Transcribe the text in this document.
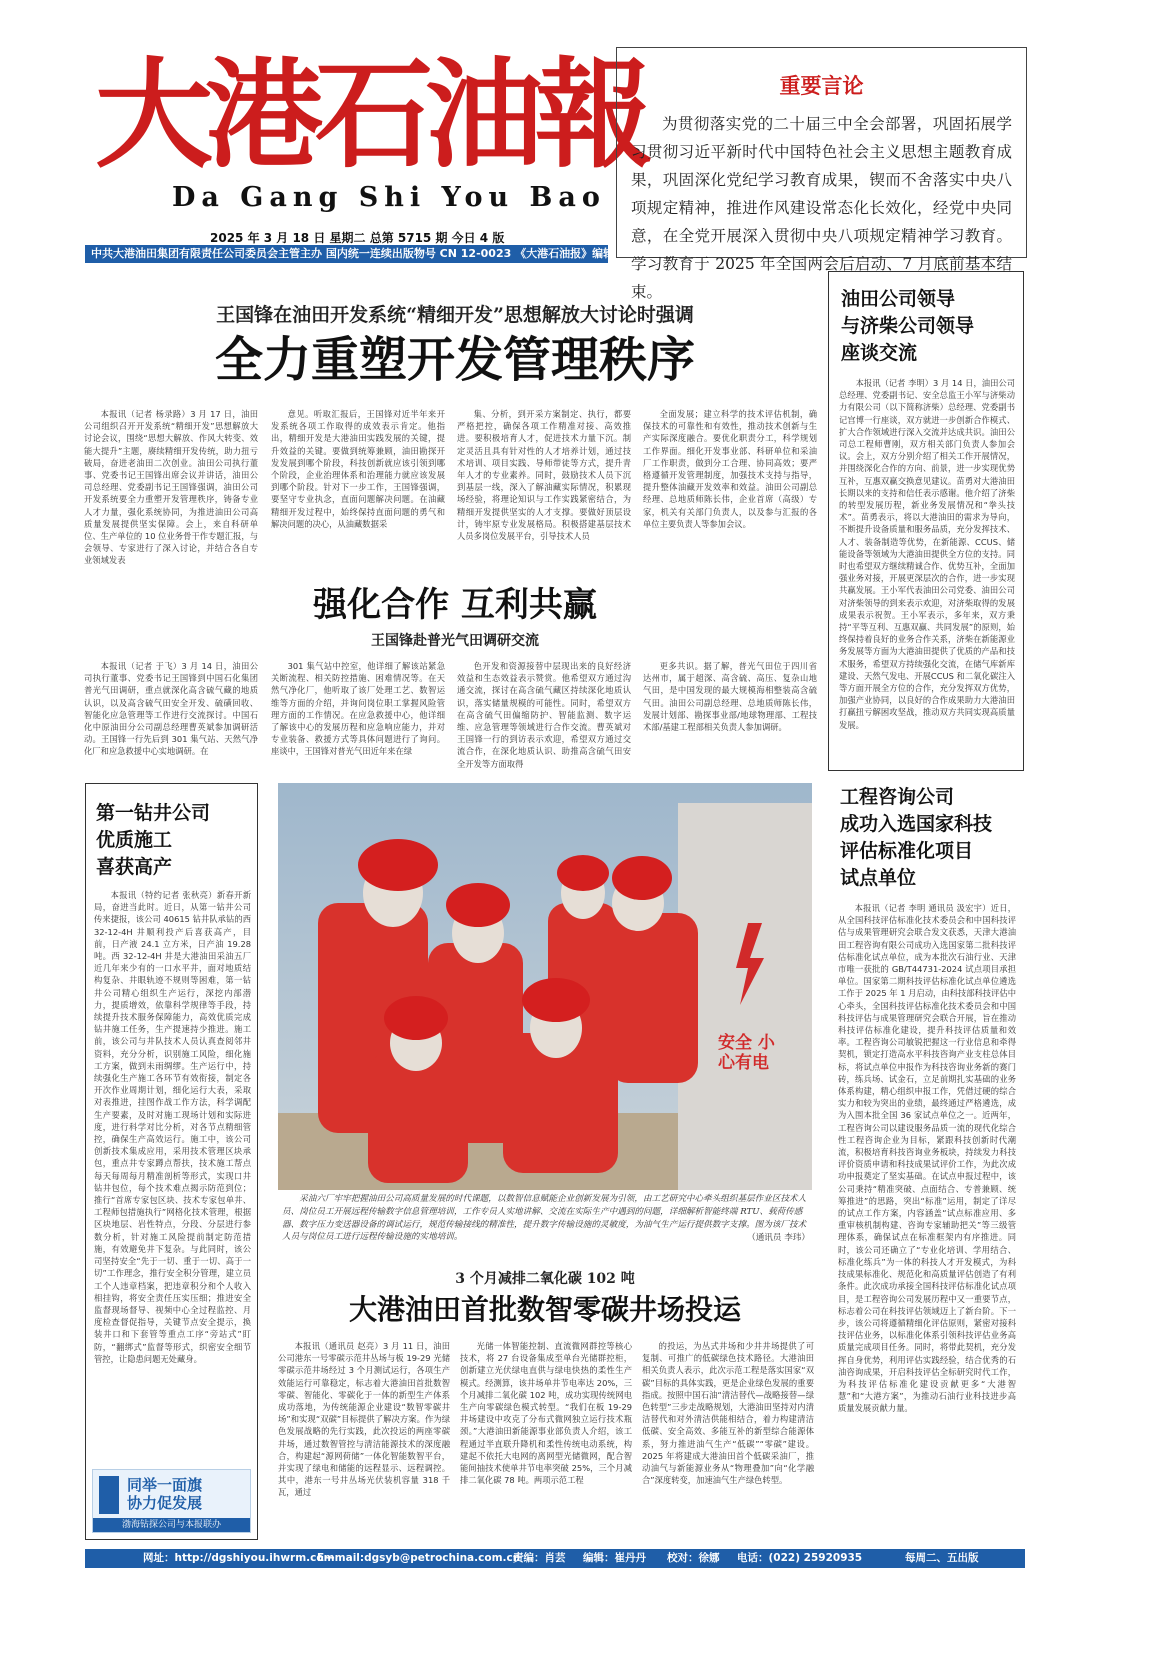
大港石油報
Da Gang Shi You Bao
2025 年 3 月 18 日 星期二 总第 5715 期 今日 4 版
中共大港油田集团有限责任公司委员会主管主办 国内统一连续出版物号 CN 12-0023 《大港石油报》编辑部出版
重要言论

为贯彻落实党的二十届三中全会部署，巩固拓展学习贯彻习近平新时代中国特色社会主义思想主题教育成果，巩固深化党纪学习教育成果，锲而不舍落实中央八项规定精神，推进作风建设常态化长效化，经党中央同意，在全党开展深入贯彻中央八项规定精神学习教育。学习教育于 2025 年全国两会后启动、7 月底前基本结束。

王国锋在油田开发系统“精细开发”思想解放大讨论时强调
全力重塑开发管理秩序

本报讯（记者 杨录路）3 月 17 日，油田公司组织召开开发系统“精细开发”思想解放大讨论会议，围绕“思想大解放、作风大转变、效能大提升”主题，赓续精细开发传统，助力扭亏破局，奋进老油田二次创业。油田公司执行董事、党委书记王国锋出席会议并讲话，油田公司总经理、党委副书记王国锋强调，油田公司开发系统要全力重塑开发管理秩序，铸备专业人才力量，强化系统协同，为推进油田公司高质量发展提供坚实保障。会上，来自科研单位、生产单位的 10 位业务骨干作专题汇报，与会领导、专家进行了深入讨论，并结合各自专业领域发表

意见。听取汇报后，王国锋对近半年来开发系统各项工作取得的成效表示肯定。他指出，精细开发是大港油田实践发展的关键，提升效益的关键。要做到统筹兼顾，油田勘探开发发展到哪个阶段，科技创新就应该引领到哪个阶段，企业治理体系和治理能力就应该发展到哪个阶段。针对下一步工作，王国锋强调，要坚守专业执念，直面问题解决问题。在油藏精细开发过程中，始终保持直面问题的勇气和解决问题的决心，从油藏数据采

集、分析，到开采方案制定、执行，都要严格把控，确保各项工作精准对接、高效推进。要积极培育人才，促进技术力量下沉。制定灵活且具有针对性的人才培养计划，通过技术培训、项目实践、导师带徒等方式，提升青年人才的专业素养。同时，鼓励技术人员下沉到基层一线，深入了解油藏实际情况，积累现场经验，将理论知识与工作实践紧密结合，为精细开发提供坚实的人才支撑。要做好顶层设计，铸牢原专业发展格局。积极搭建基层技术人员多岗位发展平台，引导技术人员

全面发展；建立科学的技术评估机制，确保技术的可靠性和有效性，推动技术创新与生产实际深度融合。要优化职责分工，科学规划工作界面。细化开发事业部、科研单位和采油厂工作职责，做到分工合理、协同高效；要严格遵循开发管理制度，加强技术支持与指导，提升整体油藏开发效率和效益。油田公司副总经理、总地质师陈长伟，企业首席（高级）专家，机关有关部门负责人，以及参与汇报的各单位主要负责人等参加会议。

强化合作 互利共赢
王国锋赴普光气田调研交流

本报讯（记者 于飞）3 月 14 日，油田公司执行董事、党委书记王国锋到中国石化集团普光气田调研，重点就深化高含硫气藏的地质认识，以及高含硫气田安全开发、硫磺回收、智能化应急管理等工作进行交流探讨。中国石化中原油田分公司副总经理曹英斌参加调研活动。王国锋一行先后到 301 集气站、天然气净化厂和应急救援中心实地调研。在

301 集气站中控室，他详细了解该站紧急关断流程、相关防控措施、困难情况等。在天然气净化厂，他听取了该厂处理工艺、数智运维等方面的介绍，并询问岗位职工掌握风险管理方面的工作情况。在应急救援中心，他详细了解该中心的发展历程和应急响应能力，并对专业装备、救援方式等具体问题进行了询问。座谈中，王国锋对普光气田近年来在绿

色开发和资源接替中层现出来的良好经济效益和生态效益表示赞赏。他希望双方通过沟通交流，探讨在高含硫气藏区持续深化地质认识，落实储量规模的可能性。同时，希望双方在高含硫气田偏缩防护、智能监测、数字运维、应急管理等领域进行合作交流。曹英斌对王国锋一行的到访表示欢迎，希望双方通过交流合作，在深化地质认识、助推高含硫气田安全开发等方面取得

更多共识。据了解，普光气田位于四川省达州市，属于超深、高含硫、高压、复杂山地气田，是中国发现的最大规模海相整装高含硫气田。油田公司副总经理、总地质师陈长伟，发展计划部、勘探事业部/地球物理部、工程技术部/基建工程部相关负责人参加调研。

油田公司领导
与济柴公司领导
座谈交流

本报讯（记者 李明）3 月 14 日，油田公司总经理、党委副书记、安全总监王小军与济柴动力有限公司（以下简称济柴）总经理、党委副书记宫博一行座谈，双方就进一步创新合作模式、扩大合作领域进行深入交流并达成共识。油田公司总工程师曹刚，双方相关部门负责人参加会议。会上，双方分别介绍了相关工作开展情况，并围绕深化合作的方向、前景，进一步实现优势互补，互惠双赢交换意见建议。苗勇对大港油田长期以来的支持和信任表示感谢。他介绍了济柴的转型发展历程，新业务发展情况和“拳头技术”。苗勇表示，将以大港油田的需求为导向，不断提升设备质量和服务品质，充分发挥技术、人才、装备制造等优势，在新能源、CCUS、储能设备等领域为大港油田提供全方位的支持。同时也希望双方继续精诚合作、优势互补，全面加强业务对接，开展更深层次的合作，进一步实现共赢发展。王小军代表油田公司党委、油田公司对济柴领导的到来表示欢迎，对济柴取得的发展成果表示祝贺。王小军表示，多年来，双方秉持“平等互利、互惠双赢、共同发展”的原则，始终保持着良好的业务合作关系，济柴在新能源业务发展等方面为大港油田提供了优质的产品和技术服务，希望双方持续强化交流，在储气库新库建设、天然气发电、开展CCUS 和二氧化碳注入等方面开展全方位的合作，充分发挥双方优势，加强产业协同，以良好的合作成果助力大港油田打赢扭亏解困攻坚战，推动双方共同实现高质量发展。

工程咨询公司
成功入选国家科技
评估标准化项目
试点单位

本报讯（记者 李明 通讯员 汲宏宇）近日，从全国科技评估标准化技术委员会和中国科技评估与成果管理研究会联合发文获悉，天津大港油田工程咨询有限公司成功入选国家第二批科技评估标准化试点单位，成为本批次石油行业、天津市唯一获批的 GB/T44731-2024 试点项目承担单位。国家第二期科技评估标准化试点单位遴选工作于 2025 年 1 月启动，由科技部科技评估中心牵头，全国科技评估标准化技术委员会和中国科技评估与成果管理研究会联合开展，旨在推动科技评估标准化建设，提升科技评估质量和效率。工程咨询公司敏锐把握这一行业信息和牵得契机，锁定打造高水平科技咨询产业支柱总体目标，将试点单位申报作为科技咨询业务新的赛门砖，练兵场、试金石，立足前期扎实基础的业务体系构建，精心组织申报工作，凭借过硬的综合实力和较为突出的业绩，最终通过严格遴选，成为入围本批全国 36 家试点单位之一。近两年，工程咨询公司以建设服务品质一流的现代化综合性工程咨询企业为目标，紧跟科技创新时代潮流，积极培育科技咨询业务板块，持续发力科技评价资质申请和科技成果试评价工作，为此次成功申报奠定了坚实基础。在试点申报过程中，该公司秉持“精准突破、点面结合、专普兼顾、统筹推进”的思路，突出“标准”运用，制定了详尽的试点工作方案，内容涵盖“试点标准应用、多重审核机制构建、咨询专家辅助把关”等三级管理体系，确保试点在标准框架内有序推进。同时，该公司还确立了“专业化培训、学用结合、标准化练兵”为一体的科技人才开发模式，为科技成果标准化、规范化和高质量评估创造了有利条件。此次成功承接全国科技评估标准化试点项目，是工程咨询公司发展历程中又一重要节点，标志着公司在科技评估领域迈上了新台阶。下一步，该公司将遵循精细化评估原则，紧密对接科技评估业务，以标准化体系引领科技评估业务高质量完成项目任务。同时，将带此契机，充分发挥自身优势，利用评估实践经验，结合优秀的石油咨询成果，开启科技评估全标研究时代工作，为科技评估标准化建设贡献更多“大港智慧”和“大港方案”，为推动石油行业科技进步高质量发展贡献力量。

第一钻井公司
优质施工
喜获高产

本报讯（特约记者 张秋亮）新春开新局，奋进当此时。近日，从第一钻井公司传来捷报，该公司 40615 钻井队承钻的西 32-12-4H 井顺利投产后喜获高产，目前，日产液 24.1 立方米，日产油 19.28 吨。西 32-12-4H 井是大港油田采油五厂近几年来少有的一口水平井，面对地质结构复杂、井眼轨迹不规则等困难，第一钻井公司精心组织生产运行，深挖内部潜力，提质增效，依靠科学规律等手段，持续提升技术服务保障能力，高效优质完成钻井施工任务，生产提速持少推进。施工前，该公司与井队技术人员认真查阅邻井资料，充分分析，识别施工风险，细化施工方案，做到未雨绸缪。生产运行中，持续强化生产施工各环节有效衔接，制定各开次作业周期计划，细化运行大表，采取对表推进，挂图作战工作方法，科学调配生产要素，及时对施工现场计划和实际进度，进行科学对比分析，对各节点精细管控，确保生产高效运行。施工中，该公司创新技术集成应用，采用技术管理区块承包，重点井专家蹲点帮扶，技术施工帮点每天每周每月精准剖析等形式，实现口井钻井包位，每个技术难点揭示防范到位；推行“首席专家包区块、技术专家包单井、工程师包措施执行”网格化技术管理，根据区块地层、岩性特点，分段、分层进行参数分析，针对施工风险提前制定防范措施，有效避免井下复杂。与此同时，该公司坚持安全“先于一切、重于一切、高于一切”工作理念，推行安全积分管理，建立员工个人违章档案，把违章积分和个人收入相挂钩，将安全责任压实压细；推进安全监督现场督导、视频中心全过程监控、月度检查督促指导，关键节点安全提示，换装井口和下套管等重点工序“旁站式”盯防，“翻绑式”监督等形式，织密安全细节管控，让隐患问题无处藏身。

同举一面旗
协力促发展
渤海钻探公司与本报联办
安全 小心有电
采油六厂牢牢把握油田公司高质量发展的时代课题，以数智信息赋能企业创新发展为引领，由工艺研究中心牵头组织基层作业区技术人员、岗位员工开展远程传输数字信息管理培训，工作专员人实地讲解、交流在实际生产中遇到的问题，详细解析智能终端 RTU、载荷传感器、数字压力变送器设备的调试运行，规范传输接线的精准性，提升数字传输设施的灵敏度，为油气生产运行提供数字支撑。图为该厂技术人员与岗位员工进行远程传输设施的实地培训。	（通讯员 李玮）
3 个月减排二氧化碳 102 吨
大港油田首批数智零碳井场投运

本报讯（通讯员 赵亮）3 月 11 日，油田公司港东一号零碳示范井丛场与板 19-29 光储零碳示范井场经过 3 个月测试运行，各项生产效能运行可靠稳定，标志着大港油田首批数智零碳、智能化、零碳化于一体的新型生产体系成功落地，为传统能源企业建设“数智零碳井场”和实现“双碳”目标提供了解决方案。作为绿色发展战略的先行实践，此次投运的两座零碳井场，通过数智管控与清洁能源技术的深度融合，构建起“源网荷储”一体化智能数智平台，并实现了绿电和储能的远程显示、远程调控。其中，港东一号井丛场光伏装机容量 318 千瓦，通过

光储一体智能控制、直流微网群控等核心技术，将 27 台设备集成至单台光储群控柜，创新建立光伏绿电直供与绿电快热的柔性生产模式。经测算，该井场单井节电率达 20%，三个月减排二氧化碳 102 吨，成功实现传统网电生产向零碳绿色模式转型。“我们在板 19-29 井场建设中攻克了分布式微网独立运行技术瓶颈。”大港油田新能源事业部负责人介绍，该工程通过半直联升降机和柔性传统电动系统，构建起不依托大电网的离网型光储微网，配合智能间抽技术使单井节电率突破 25%，三个月减排二氧化碳 78 吨。两项示范工程

的投运，为丛式井场和少井井场提供了可复制、可推广的低碳绿色技术路径。大港油田相关负责人表示，此次示范工程是落实国家“双碳”目标的具体实践，更是企业绿色发展的重要指成。按照中国石油“清洁替代—战略接替—绿色转型”三步走战略规划，大港油田坚持对内清洁替代和对外清洁供能相结合，着力构建清洁低碳、安全高效、多能互补的新型综合能源体系，努力推进油气生产“低碳”“零碳”建设。2025 年将建成大港油田首个低碳采油厂，推动油气与新能源业务从“物理叠加”向“化学融合”深度转变，加速油气生产绿色转型。

网址：http://dgshiyou.ihwrm.com
E—mail:dgsyb@petrochina.com.cn
责编：肖芸 编辑：崔丹丹 校对：徐娜 电话：(022) 25920935	每周二、五出版
